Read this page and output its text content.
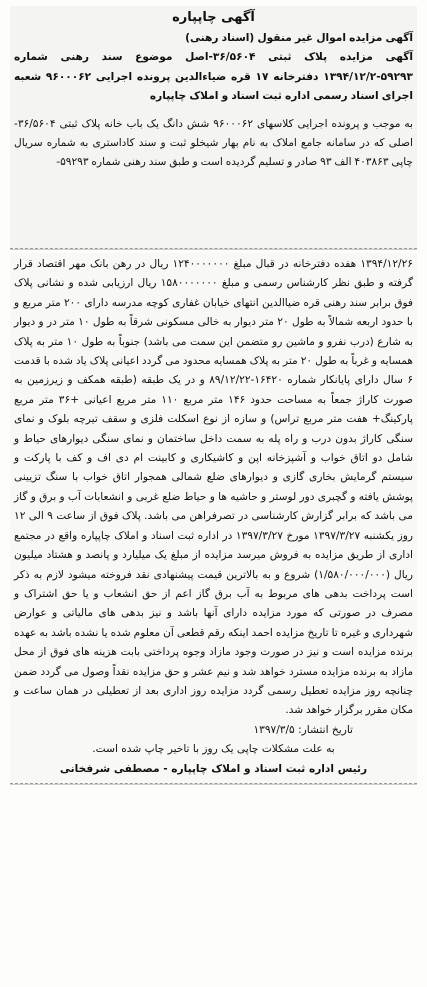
آگهی چاپپاره

آگهی مزایده اموال غیر منقول (اسناد رهنی)

آگهی مزایده پلاک ثبتی ۳۶/۵۶۰۴-اصل موضوع سند رهنی شماره ۵۹۲۹۳-۱۳۹۴/۱۲/۲ دفترخانه ۱۷ قره ضیاءالدین پرونده اجرایی ۹۶۰۰۰۶۲ شعبه اجرای اسناد رسمی اداره ثبت اسناد و املاک چاپپاره

به موجب و پرونده اجرایی کلاسهای ۹۶۰۰۰۶۲ شش دانگ یک باب خانه پلاک ثبتی ۳۶/۵۶۰۴- اصلی که در سامانه جامع املاک به نام بهار شیخلو ثبت و سند کاداستری به شماره سریال چاپی ۴۰۳۸۶۳ الف ۹۳ صادر و تسلیم گردیده است و طبق سند رهنی شماره ۵۹۲۹۳-

۱۳۹۴/۱۲/۲۶ هفده دفترخانه در قبال مبلغ ۱۲۴۰۰۰۰۰۰۰ ریال در رهن بانک مهر اقتصاد قرار گرفته و طبق نظر کارشناس رسمی و مبلغ ۱۵۸۰۰۰۰۰۰۰ ریال ارزیابی شده و نشانی پلاک فوق برابر سند رهنی قره ضیاالدین انتهای خیابان غفاری کوچه مدرسه دارای ۲۰۰ متر مربع و با حدود اربعه شمالاً به طول ۲۰ متر دیوار به خالی مسکونی شرقاً به طول ۱۰ متر در و دیوار به شارع (درب نفرو و ماشین رو متضمن این سمت می باشد) جنوباً به طول ۱۰ متر به پلاک همسایه و غرباً به طول ۲۰ متر به پلاک همسایه محدود می گردد اعیانی پلاک یاد شده با قدمت ۶ سال دارای پایانکار شماره ۱۶۴۲۰-۸۹/۱۲/۲۲ و در یک طبقه (طبقه همکف و زیرزمین به صورت کاراژ جمعاً به مساحت حدود ۱۴۶ متر مربع ۱۱۰ متر مربع اعیانی +۳۶ متر مربع پارکینگ+ هفت متر مربع تراس) و سازه از نوع اسکلت فلزی و سقف تیرچه بلوک و نمای سنگی کاراژ بدون درب و راه پله به سمت داخل ساختمان و نمای سنگی دیوارهای حیاط و شامل دو اتاق خواب و آشپزخانه اپن و کاشیکاری و کابینت ام دی اف و کف با پارکت و سیستم گرمایش بخاری گازی و دیوارهای ضلع شمالی همجوار اتاق خواب با سنگ تزیینی پوشش یافته و گچبری دور لوستر و حاشیه ها و حیاط ضلع غربی و انشعابات آب و برق و گاز می باشد که برابر گزارش کارشناسی در تصرفراهن می باشد. پلاک فوق از ساعت ۹ الی ۱۲ روز یکشنبه ۱۳۹۷/۳/۲۷ مورخ ۱۳۹۷/۳/۲۷ در اداره ثبت اسناد و املاک چاپپاره واقع در مجتمع اداری از طریق مزایده به فروش میرسد مزایده از مبلغ یک میلیارد و پانصد و هشتاد میلیون ریال (۱/۵۸۰/۰۰۰/۰۰۰) شروع و به بالاترین قیمت پیشنهادی نقد فروخته میشود لازم به ذکر است پرداخت بدهی های مربوط به آب برق گاز اعم از حق انشعاب و یا حق اشتراک و مصرف در صورتی که مورد مزایده دارای آنها باشد و نیز بدهی های مالیاتی و عوارض شهرداری و غیره تا تاریخ مزایده احمد اینکه رقم قطعی آن معلوم شده یا نشده باشد به عهده برنده مزایده است و نیز در صورت وجود مازاد وجوه پرداختی بابت هزینه های فوق از محل مازاد به برنده مزایده مسترد خواهد شد و نیم عشر و حق مزایده نقداً وصول می گردد ضمن چنانچه روز مزایده تعطیل رسمی گردد مزایده روز اداری بعد از تعطیلی در همان ساعت و مکان مقرر برگزار خواهد شد.

تاریخ انتشار: ۱۳۹۷/۳/۵
به علت مشکلات چاپی یک روز با تاخیر چاپ شده است.
رئیس اداره ثبت اسناد و املاک چاپپاره - مصطفی شرفخانی
